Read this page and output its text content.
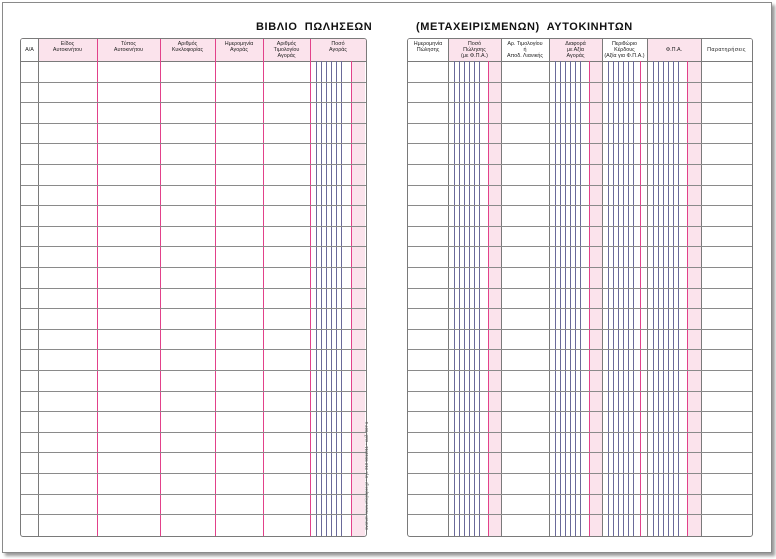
ΒΙΒΛΙΟ  ΠΩΛΗΣΕΩΝ	(ΜΕΤΑΧΕΙΡΙΣΜΕΝΩΝ)  ΑΥΤΟΚΙΝΗΤΩΝ
Α/Α
Είδος
Αυτοκινήτου
Τύπος
Αυτοκινήτου
Αριθμός
Κυκλοφορίας
Ημερομηνία
Αγοράς
Αριθμός
Τιμολογίου
Αγοράς
Ποσό
Αγοράς
Ημερομηνία
Πώλησης
Ποσό
Πώλησης
(με Φ.Π.Α.)
Αρ. Τιμολογίου
ή
Αποδ. Λιανικής
Διαφορά
με Αξία
Αγοράς
Περιθώριο
Κέρδους
(Αξία για Φ.Π.Α.)
Φ.Π.Α.	Παρατηρήσεις
ανατυπ. www.eticpaper.gr • τηλ. 210 9011011 • κωδ. 007 α
